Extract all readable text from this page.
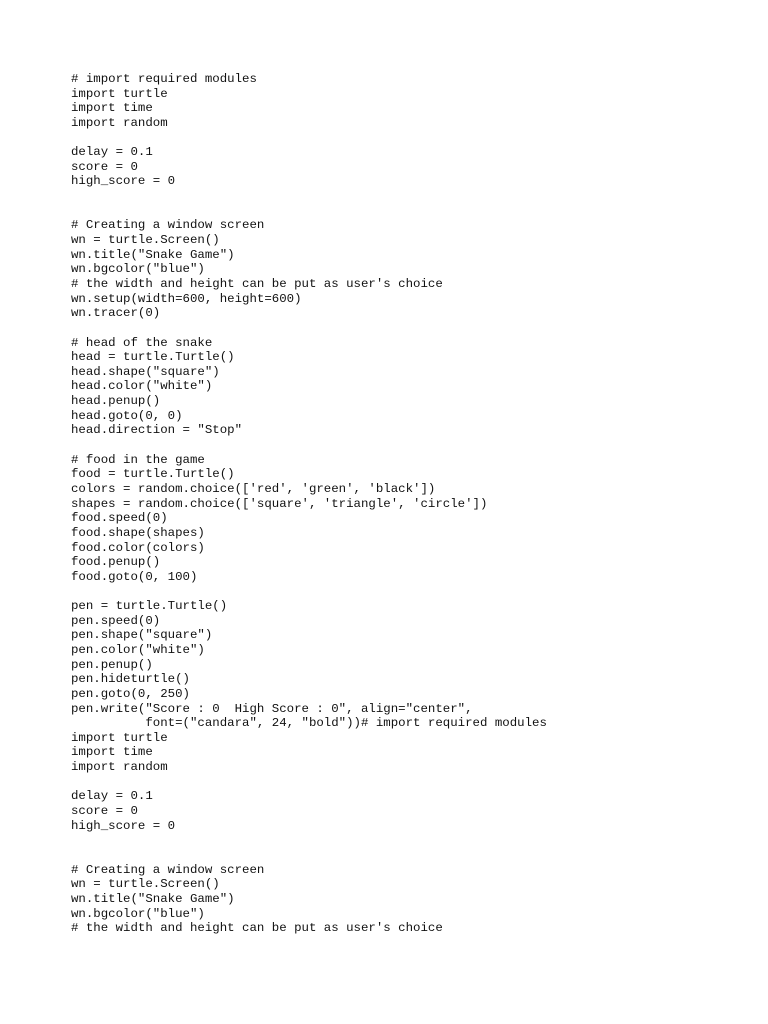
# import required modules
import turtle
import time
import random
delay = 0.1
score = 0
high_score = 0
# Creating a window screen
wn = turtle.Screen()
wn.title("Snake Game")
wn.bgcolor("blue")
# the width and height can be put as user's choice
wn.setup(width=600, height=600)
wn.tracer(0)
# head of the snake
head = turtle.Turtle()
head.shape("square")
head.color("white")
head.penup()
head.goto(0, 0)
head.direction = "Stop"
# food in the game
food = turtle.Turtle()
colors = random.choice(['red', 'green', 'black'])
shapes = random.choice(['square', 'triangle', 'circle'])
food.speed(0)
food.shape(shapes)
food.color(colors)
food.penup()
food.goto(0, 100)
pen = turtle.Turtle()
pen.speed(0)
pen.shape("square")
pen.color("white")
pen.penup()
pen.hideturtle()
pen.goto(0, 250)
pen.write("Score : 0  High Score : 0", align="center",
font=("candara", 24, "bold"))# import required modules
import turtle
import time
import random
delay = 0.1
score = 0
high_score = 0
# Creating a window screen
wn = turtle.Screen()
wn.title("Snake Game")
wn.bgcolor("blue")
# the width and height can be put as user's choice
